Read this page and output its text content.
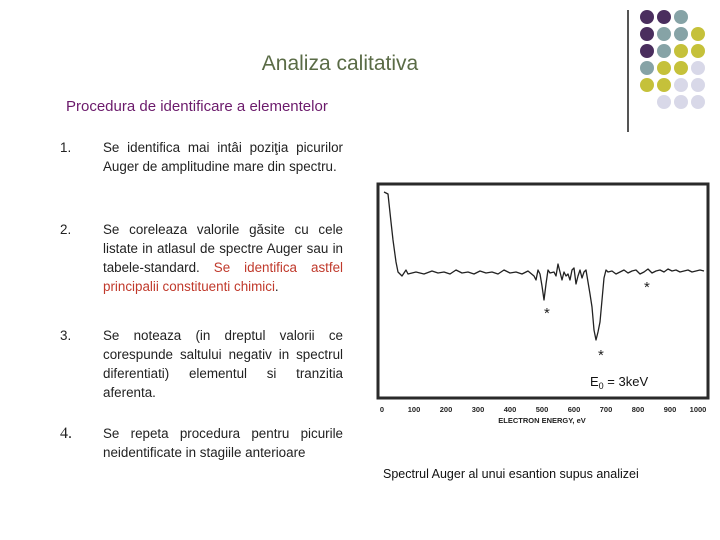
Analiza calitativa
Procedura de identificare a elementelor
1.	Se identifica mai intâi poziţia picurilor Auger de amplitudine mare din spectru.
2.	Se coreleaza valorile găsite cu cele listate in atlasul de spectre Auger sau in tabele-standard. Se identifica astfel principalii constituenti chimici.
3.	Se noteaza (in dreptul valorii ce corespunde saltului negativ in spectrul diferentiati) elementul si tranzitia aferenta.
4.	Se repeta procedura pentru picurile neidentificate in stagiile anterioare
*
*
*
$E_0 = 3keV$
0	100	200	300	400	500	600	700	800	900 1000
ELECTRON ENERGY, eV
Spectrul Auger al unui esantion supus analizei
